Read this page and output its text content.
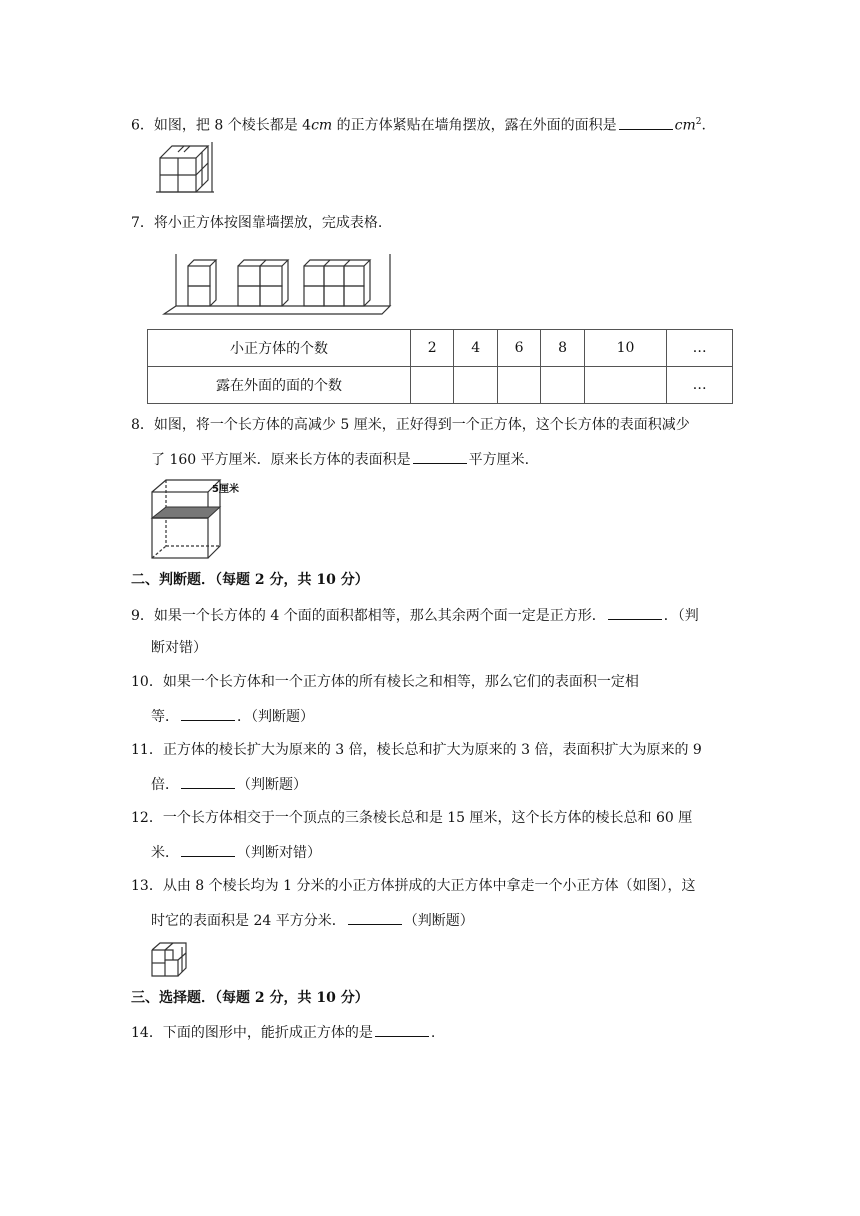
6．如图，把 8 个棱长都是 4cm 的正方体紧贴在墙角摆放，露在外面的面积是	$cm^2$.
7．将小正方体按图靠墙摆放，完成表格.
小正方体的个数	2	4	6	8	10	…
露在外面的面的个数						…
8．如图，将一个长方体的高减少 5 厘米，正好得到一个正方体，这个长方体的表面积减少
了 160 平方厘米．原来长方体的表面积是	平方厘米.
5厘米
二、判断题．（每题 2 分，共 10 分）
9．如果一个长方体的 4 个面的面积都相等，那么其余两个面一定是正方形．	．（判
断对错）
10．如果一个长方体和一个正方体的所有棱长之和相等，那么它们的表面积一定相
等．	．（判断题）
11．正方体的棱长扩大为原来的 3 倍，棱长总和扩大为原来的 3 倍，表面积扩大为原来的 9
倍．	（判断题）
12．一个长方体相交于一个顶点的三条棱长总和是 15 厘米，这个长方体的棱长总和 60 厘
米．	（判断对错）
13．从由 8 个棱长均为 1 分米的小正方体拼成的大正方体中拿走一个小正方体（如图），这
时它的表面积是 24 平方分米．	（判断题）
三、选择题．（每题 2 分，共 10 分）
14．下面的图形中，能折成正方体的是	.
